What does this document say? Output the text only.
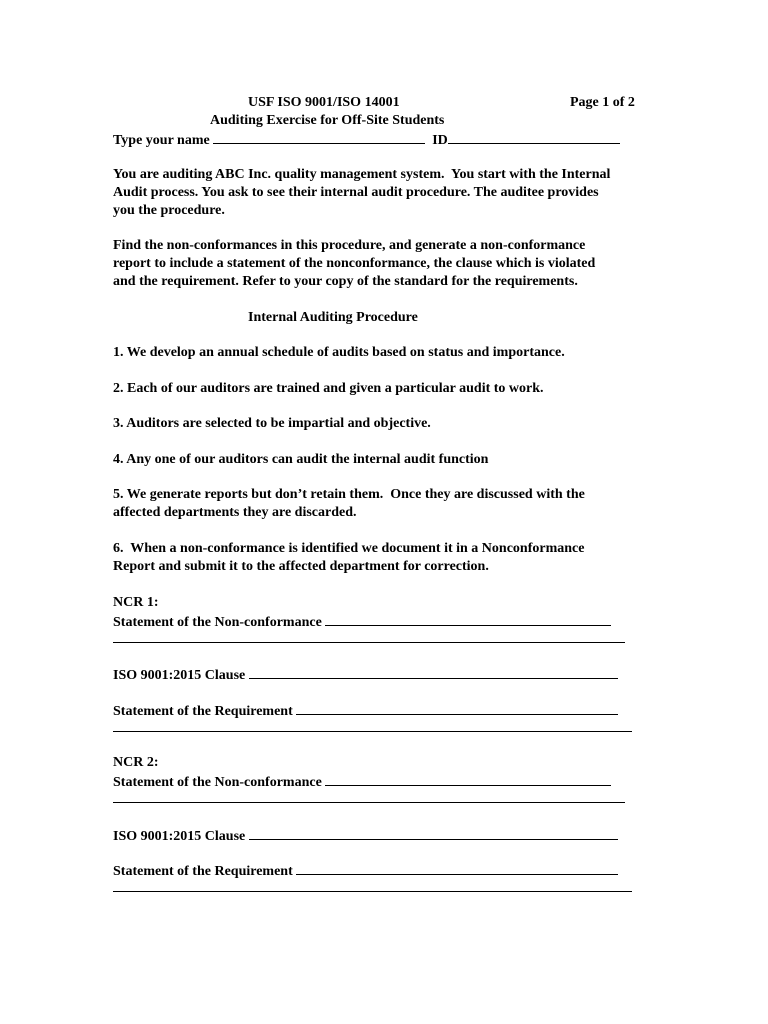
USF ISO 9001/ISO 14001	Page 1 of 2
Auditing Exercise for Off-Site Students
Type your name	ID
You are auditing ABC Inc. quality management system.  You start with the Internal
Audit process. You ask to see their internal audit procedure. The auditee provides
you the procedure.
Find the non-conformances in this procedure, and generate a non-conformance
report to include a statement of the nonconformance, the clause which is violated
and the requirement. Refer to your copy of the standard for the requirements.
Internal Auditing Procedure
1. We develop an annual schedule of audits based on status and importance.
2. Each of our auditors are trained and given a particular audit to work.
3. Auditors are selected to be impartial and objective.
4. Any one of our auditors can audit the internal audit function
5. We generate reports but don’t retain them.  Once they are discussed with the
affected departments they are discarded.
6.  When a non-conformance is identified we document it in a Nonconformance
Report and submit it to the affected department for correction.
NCR 1:
Statement of the Non-conformance
ISO 9001:2015 Clause
Statement of the Requirement
NCR 2:
Statement of the Non-conformance
ISO 9001:2015 Clause
Statement of the Requirement
